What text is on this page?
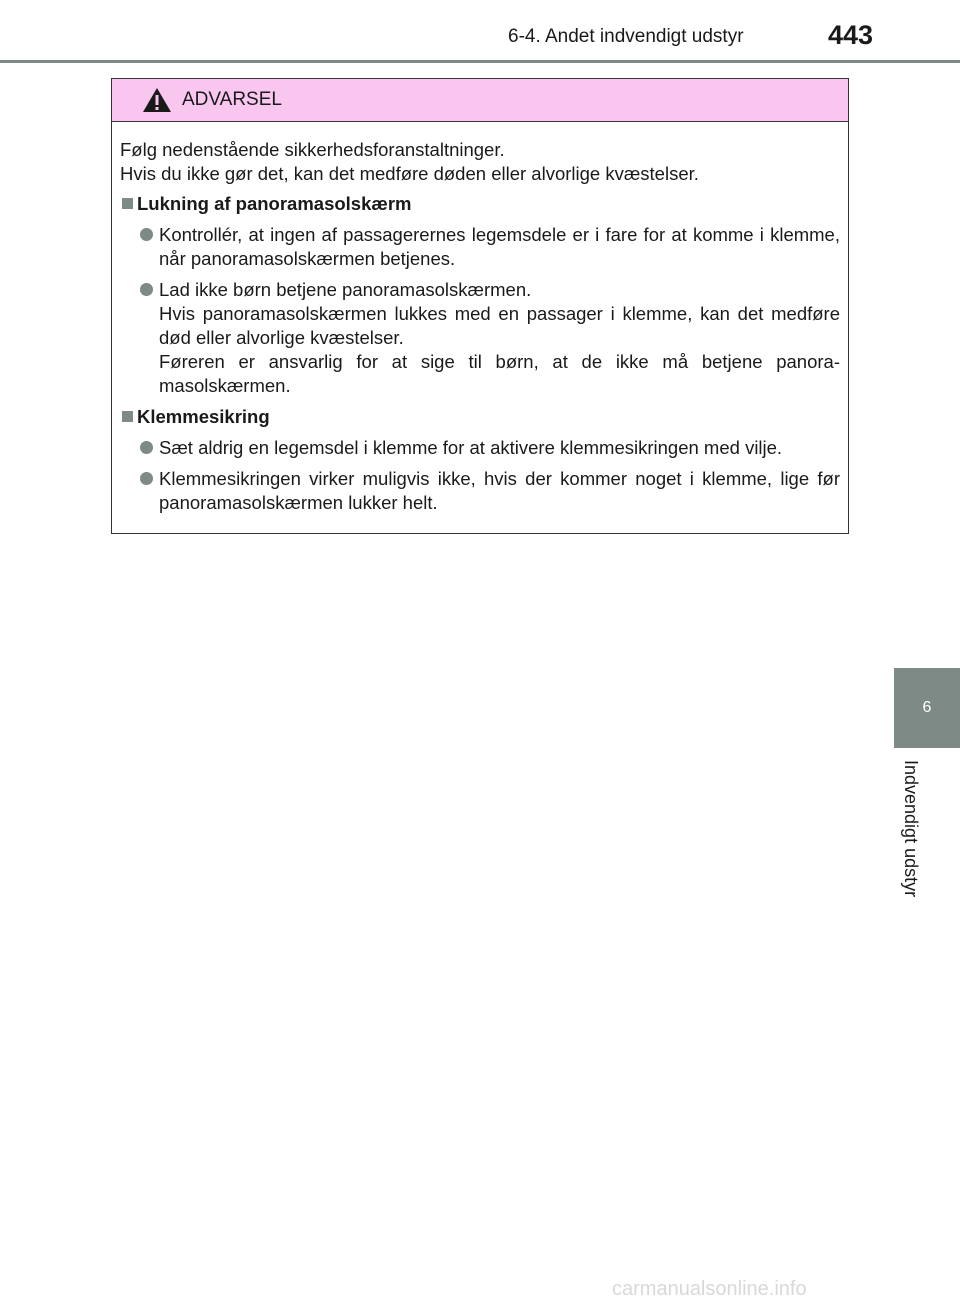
6-4. Andet indvendigt udstyr	443
6
Indvendigt udstyr
ADVARSEL
Følg nedenstående sikkerhedsforanstaltninger.
Hvis du ikke gør det, kan det medføre døden eller alvorlige kvæstelser.
Lukning af panoramasolskærm
Kontrollér, at ingen af passagerernes legemsdele er i fare for at komme i klemme, når panoramasolskærmen betjenes.
Lad ikke børn betjene panoramasolskærmen.
Hvis panoramasolskærmen lukkes med en passager i klemme, kan det medføre død eller alvorlige kvæstelser.
Føreren er ansvarlig for at sige til børn, at de ikke må betjene panora-masolskærmen.
Klemmesikring
Sæt aldrig en legemsdel i klemme for at aktivere klemmesikringen med vilje.
Klemmesikringen virker muligvis ikke, hvis der kommer noget i klemme, lige før panoramasolskærmen lukker helt.
carmanualsonline.info
